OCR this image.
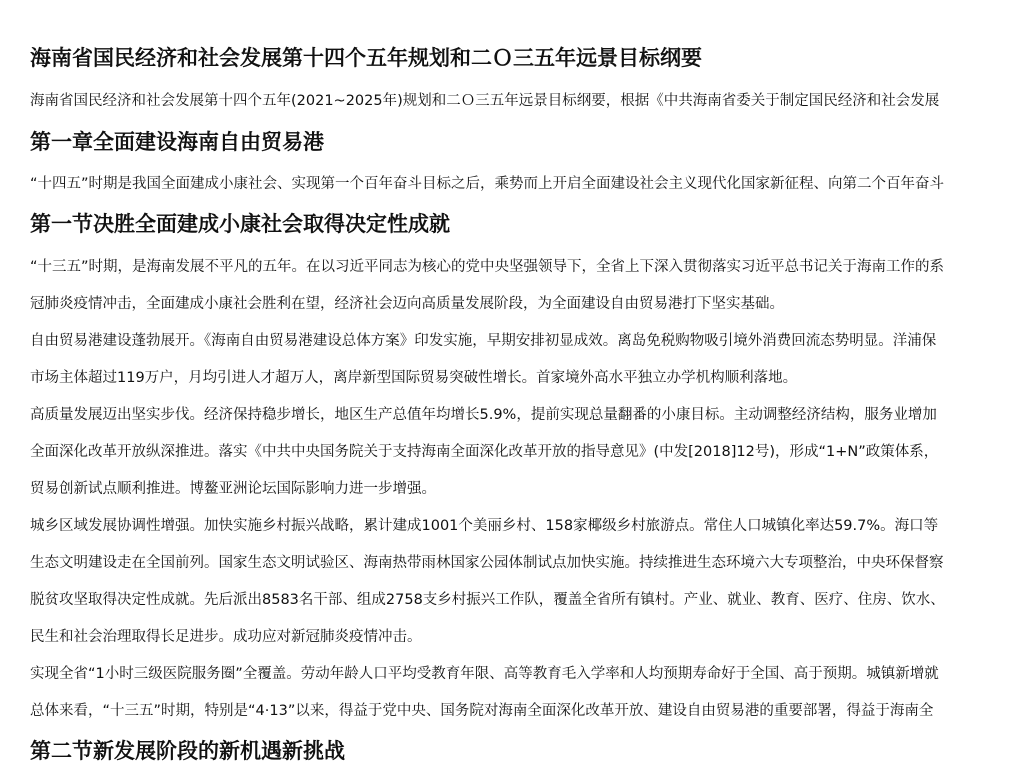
海南省国民经济和社会发展第十四个五年规划和二Ｏ三五年远景目标纲要

海南省国民经济和社会发展第十四个五年(2021~2025年)规划和二Ｏ三五年远景目标纲要，根据《中共海南省委关于制定国民经济和社会发展

第一章全面建设海南自由贸易港

“十四五”时期是我国全面建成小康社会、实现第一个百年奋斗目标之后，乘势而上开启全面建设社会主义现代化国家新征程、向第二个百年奋斗

第一节决胜全面建成小康社会取得决定性成就

“十三五”时期，是海南发展不平凡的五年。在以习近平同志为核心的党中央坚强领导下，全省上下深入贯彻落实习近平总书记关于海南工作的系

冠肺炎疫情冲击，全面建成小康社会胜利在望，经济社会迈向高质量发展阶段，为全面建设自由贸易港打下坚实基础。

自由贸易港建设蓬勃展开。《海南自由贸易港建设总体方案》印发实施，早期安排初显成效。离岛免税购物吸引境外消费回流态势明显。洋浦保

市场主体超过119万户，月均引进人才超万人，离岸新型国际贸易突破性增长。首家境外高水平独立办学机构顺利落地。

高质量发展迈出坚实步伐。经济保持稳步增长，地区生产总值年均增长5.9%，提前实现总量翻番的小康目标。主动调整经济结构，服务业增加

全面深化改革开放纵深推进。落实《中共中央国务院关于支持海南全面深化改革开放的指导意见》(中发[2018]12号)，形成“1+N”政策体系，

贸易创新试点顺利推进。博鳌亚洲论坛国际影响力进一步增强。

城乡区域发展协调性增强。加快实施乡村振兴战略，累计建成1001个美丽乡村、158家椰级乡村旅游点。常住人口城镇化率达59.7%。海口等

生态文明建设走在全国前列。国家生态文明试验区、海南热带雨林国家公园体制试点加快实施。持续推进生态环境六大专项整治，中央环保督察

脱贫攻坚取得决定性成就。先后派出8583名干部、组成2758支乡村振兴工作队，覆盖全省所有镇村。产业、就业、教育、医疗、住房、饮水、

民生和社会治理取得长足进步。成功应对新冠肺炎疫情冲击。

实现全省“1小时三级医院服务圈”全覆盖。劳动年龄人口平均受教育年限、高等教育毛入学率和人均预期寿命好于全国、高于预期。城镇新增就

总体来看，“十三五”时期，特别是“4·13”以来，得益于党中央、国务院对海南全面深化改革开放、建设自由贸易港的重要部署，得益于海南全

第二节新发展阶段的新机遇新挑战
